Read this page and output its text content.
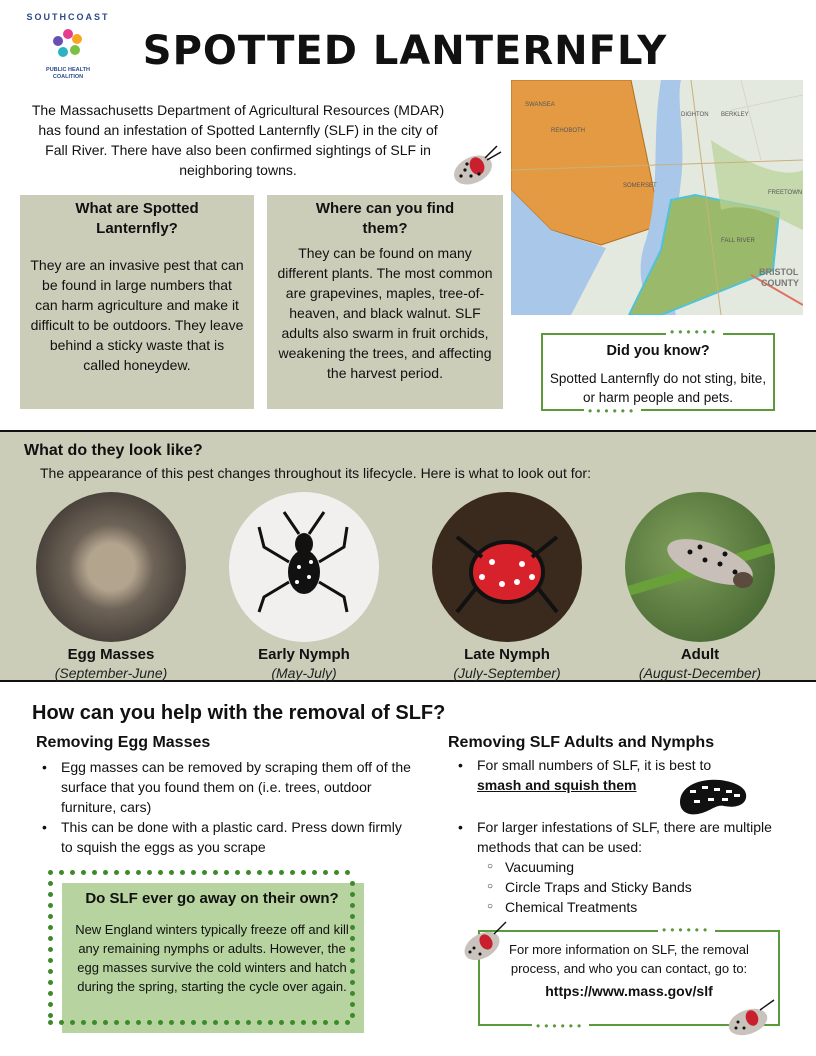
SOUTHCOAST
PUBLIC HEALTH
COALITION
SPOTTED LANTERNFLY

The Massachusetts Department of Agricultural Resources (MDAR) has found an infestation of Spotted Lanternfly (SLF) in the city of Fall River. There have also been confirmed sightings of SLF in neighboring towns.

SWANSEA
REHOBOTH
DIGHTON BERKLEY
SOMERSET
FREETOWN
FALL RIVER
BRISTOL
COUNTY
What are Spotted Lanternfly?

They are an invasive pest that can be found in large numbers that can harm agriculture and make it difficult to be outdoors. They leave behind a sticky waste that is called honeydew.

Where can you find them?

They can be found on many different plants. The most common are grapevines, maples, tree-of-heaven, and black walnut. SLF adults also swarm in fruit orchids, weakening the trees, and affecting the harvest period.

Did you know?

Spotted Lanternfly do not sting, bite, or harm people and pets.

••••••
••••••
What do they look like?

The appearance of this pest changes throughout its lifecycle. Here is what to look out for:

Egg Masses
(September-June)
Early Nymph
(May-July)
Late Nymph
(July-September)
Adult
(August-December)
How can you help with the removal of SLF?
Removing Egg Masses
• Egg masses can be removed by scraping them off of the surface that you found them on (i.e. trees, outdoor furniture, cars)
• This can be done with a plastic card. Press down firmly to squish the eggs as you scrape
Removing SLF Adults and Nymphs
• For small numbers of SLF, it is best to
smash and squish them
• For larger infestations of SLF, there are multiple methods that can be used:
○ Vacuuming
○ Circle Traps and Sticky Bands
○ Chemical Treatments
Do SLF ever go away on their own?

New England winters typically freeze off and kill any remaining nymphs or adults. However, the egg masses survive the cold winters and hatch during the spring, starting the cycle over again.

For more information on SLF, the removal process, and who you can contact, go to:

https://www.mass.gov/slf

••••••
••••••
